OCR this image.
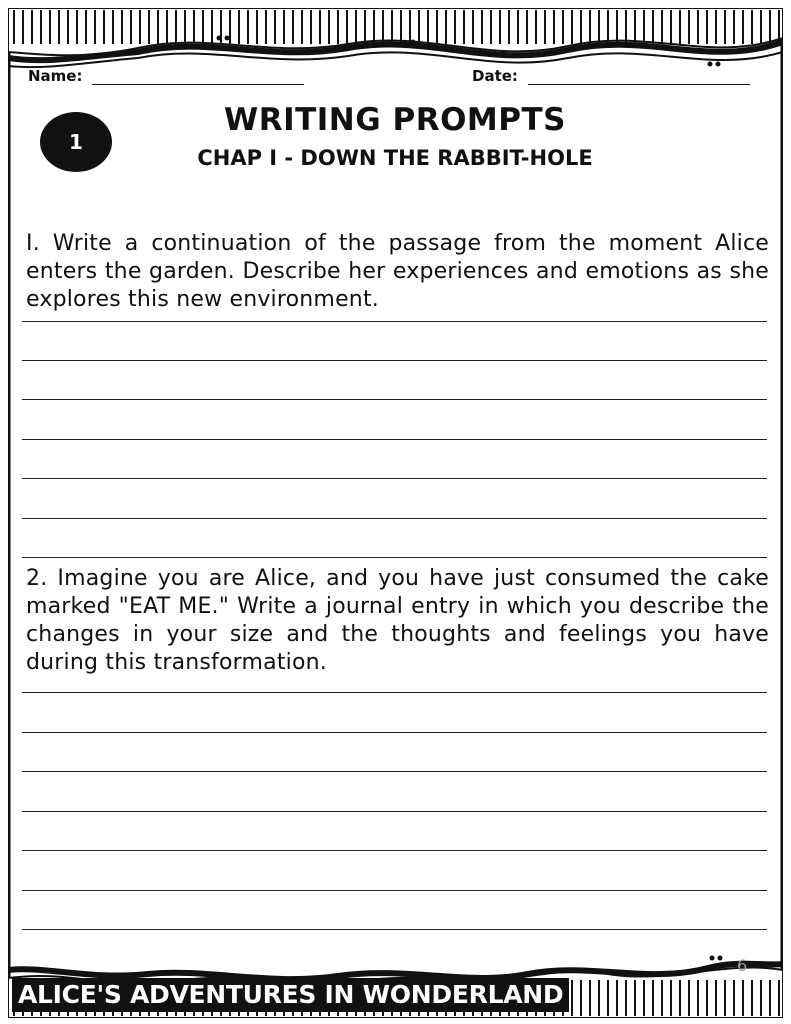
Name:	Date:
1
WRITING PROMPTS
CHAP I - DOWN THE RABBIT-HOLE
I. Write a continuation of the passage from the moment Alice enters the garden. Describe her experiences and emotions as she explores this new environment.
2. Imagine you are Alice, and you have just consumed the cake marked "EAT ME." Write a journal entry in which you describe the changes in your size and the thoughts and feelings you have during this transformation.
6
ALICE'S ADVENTURES IN WONDERLAND
